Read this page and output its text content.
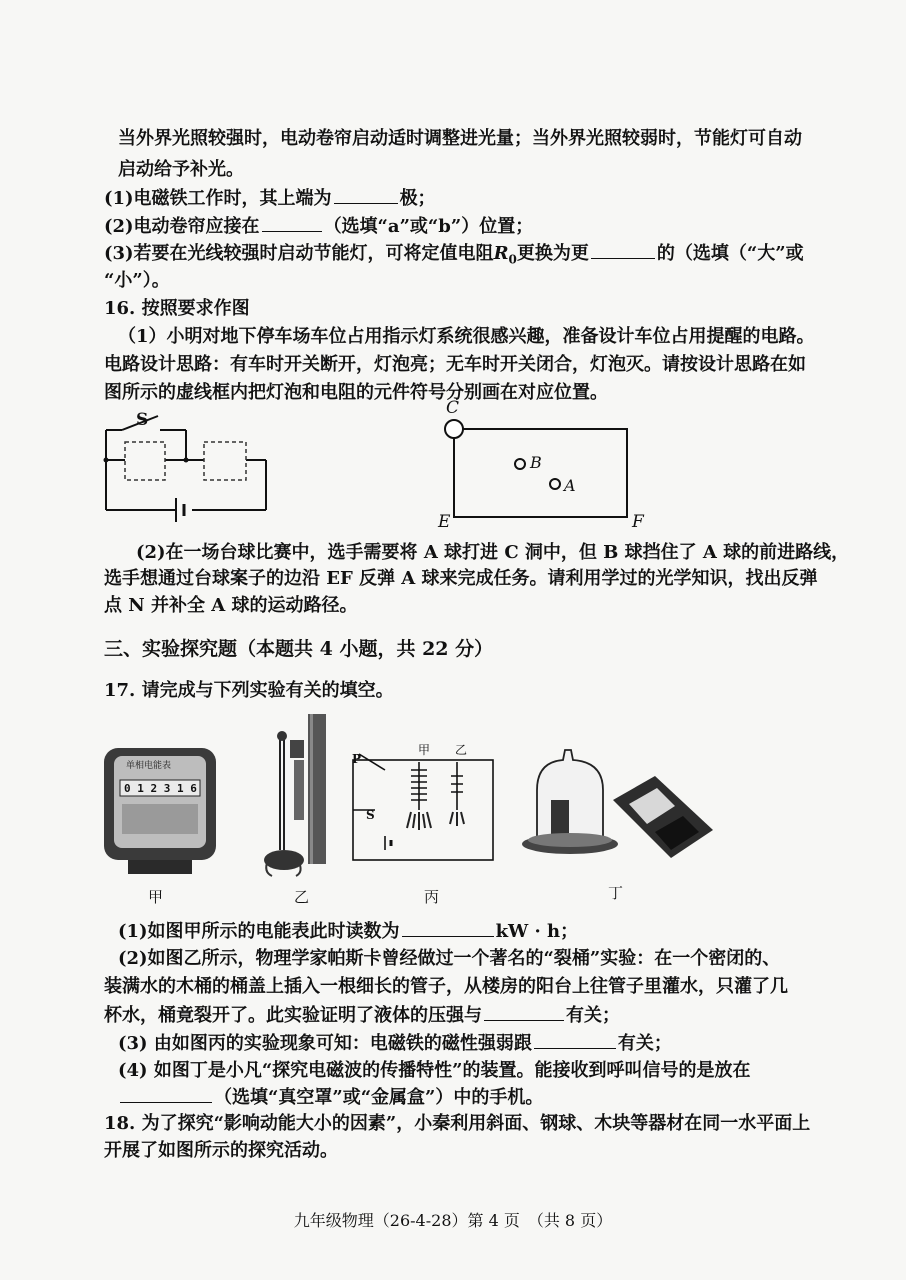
当外界光照较强时，电动卷帘启动适时调整进光量；当外界光照较弱时，节能灯可自动
启动给予补光。
(1)电磁铁工作时，其上端为	极；
(2)电动卷帘应接在	（选填“a”或“b”）位置；
(3)若要在光线较强时启动节能灯，可将定值电阻$R_0$更换为更	的（选填（“大”或
“小”）。
16. 按照要求作图
（1）小明对地下停车场车位占用指示灯系统很感兴趣，准备设计车位占用提醒的电路。
电路设计思路：有车时开关断开，灯泡亮；无车时开关闭合，灯泡灭。请按设计思路在如
图所示的虚线框内把灯泡和电阻的元件符号分别画在对应位置。
S
C
B
A
E	F
(2)在一场台球比赛中，选手需要将 A 球打进 C 洞中，但 B 球挡住了 A 球的前进路线，
选手想通过台球案子的边沿 EF 反弹 A 球来完成任务。请利用学过的光学知识，找出反弹
点 N 并补全 A 球的运动路径。
三、实验探究题（本题共 4 小题，共 22 分）
17. 请完成与下列实验有关的填空。
单相电能表
0 1 2 3 1 6
甲 乙
P
S
甲	乙	丙	丁
(1)如图甲所示的电能表此时读数为	kW · h；
(2)如图乙所示，物理学家帕斯卡曾经做过一个著名的“裂桶”实验：在一个密闭的、
装满水的木桶的桶盖上插入一根细长的管子，从楼房的阳台上往管子里灌水，只灌了几
杯水，桶竟裂开了。此实验证明了液体的压强与	有关；
(3) 由如图丙的实验现象可知：电磁铁的磁性强弱跟	有关；
(4) 如图丁是小凡“探究电磁波的传播特性”的装置。能接收到呼叫信号的是放在
（选填“真空罩”或“金属盒”）中的手机。
18. 为了探究“影响动能大小的因素”，小秦利用斜面、钢球、木块等器材在同一水平面上
开展了如图所示的探究活动。
九年级物理（26-4-28）第 4 页　（共 8 页）
